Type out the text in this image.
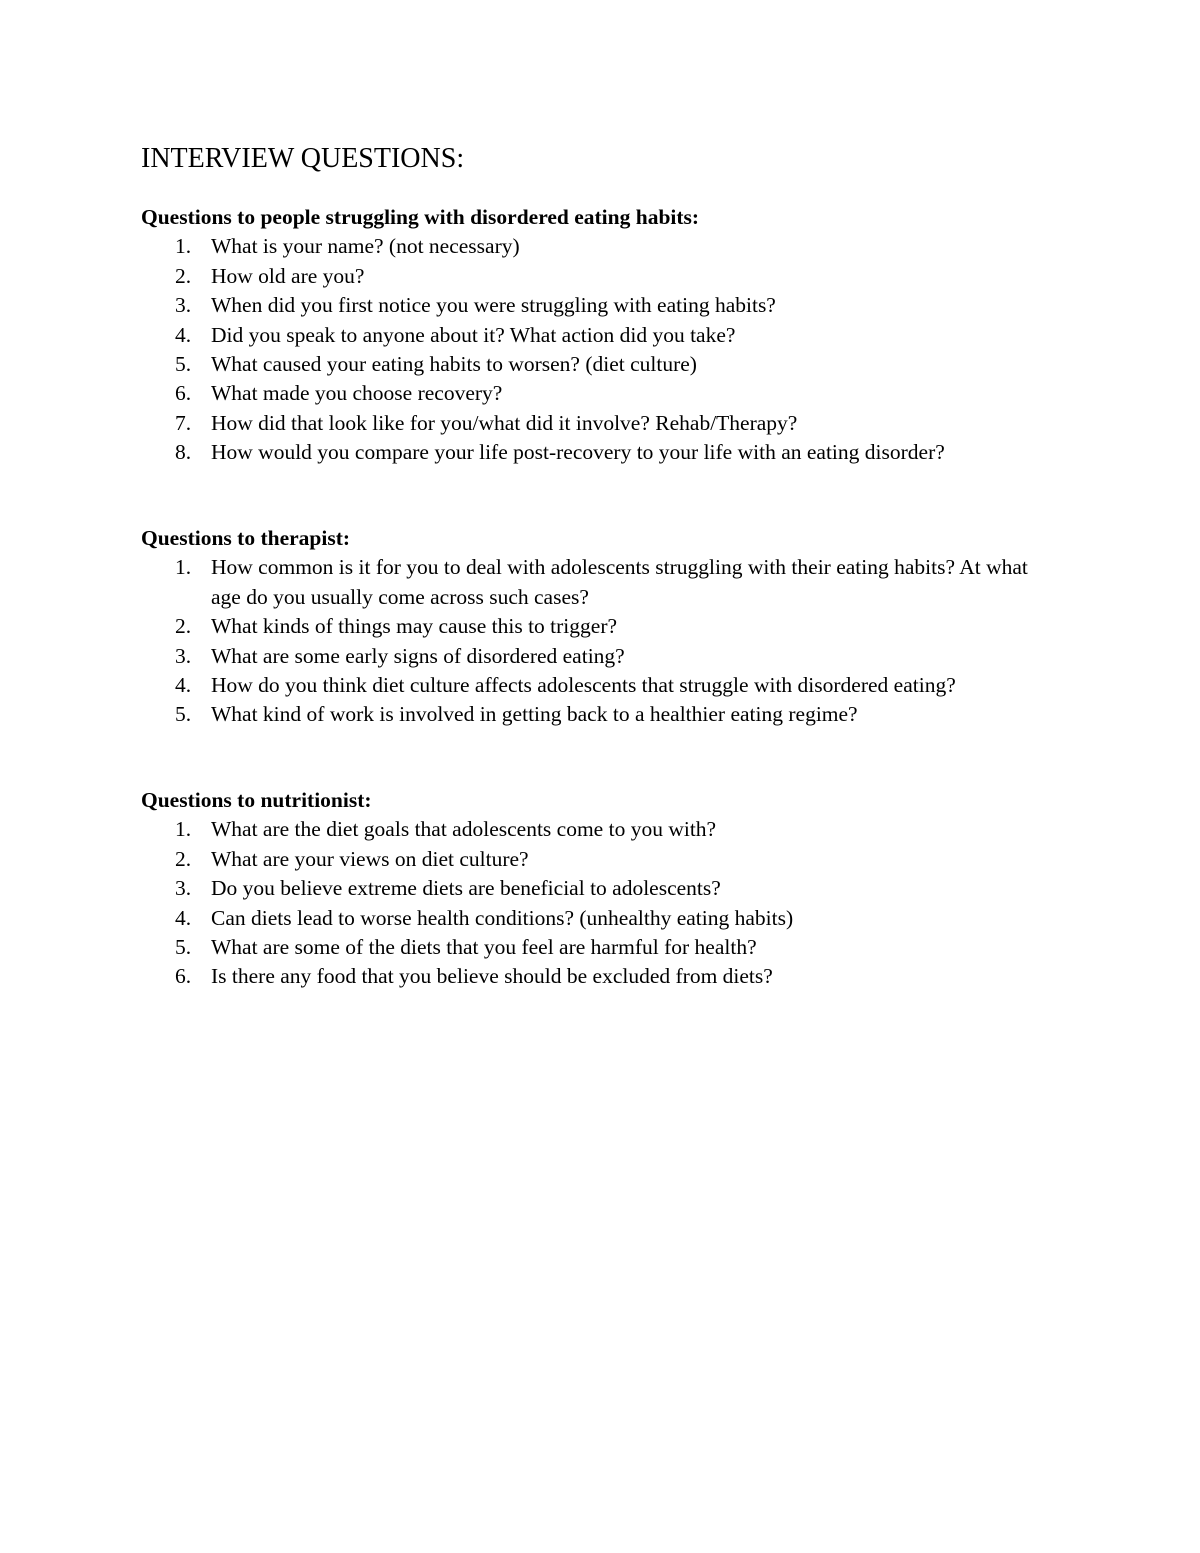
INTERVIEW QUESTIONS:

Questions to people struggling with disordered eating habits:

1. What is your name? (not necessary)
2. How old are you?
3. When did you first notice you were struggling with eating habits?
4. Did you speak to anyone about it? What action did you take?
5. What caused your eating habits to worsen? (diet culture)
6. What made you choose recovery?
7. How did that look like for you/what did it involve? Rehab/Therapy?
8. How would you compare your life post-recovery to your life with an eating disorder?

Questions to therapist:

1. How common is it for you to deal with adolescents struggling with their eating habits? At what age do you usually come across such cases?
2. What kinds of things may cause this to trigger?
3. What are some early signs of disordered eating?
4. How do you think diet culture affects adolescents that struggle with disordered eating?
5. What kind of work is involved in getting back to a healthier eating regime?

Questions to nutritionist:

1. What are the diet goals that adolescents come to you with?
2. What are your views on diet culture?
3. Do you believe extreme diets are beneficial to adolescents?
4. Can diets lead to worse health conditions? (unhealthy eating habits)
5. What are some of the diets that you feel are harmful for health?
6. Is there any food that you believe should be excluded from diets?
